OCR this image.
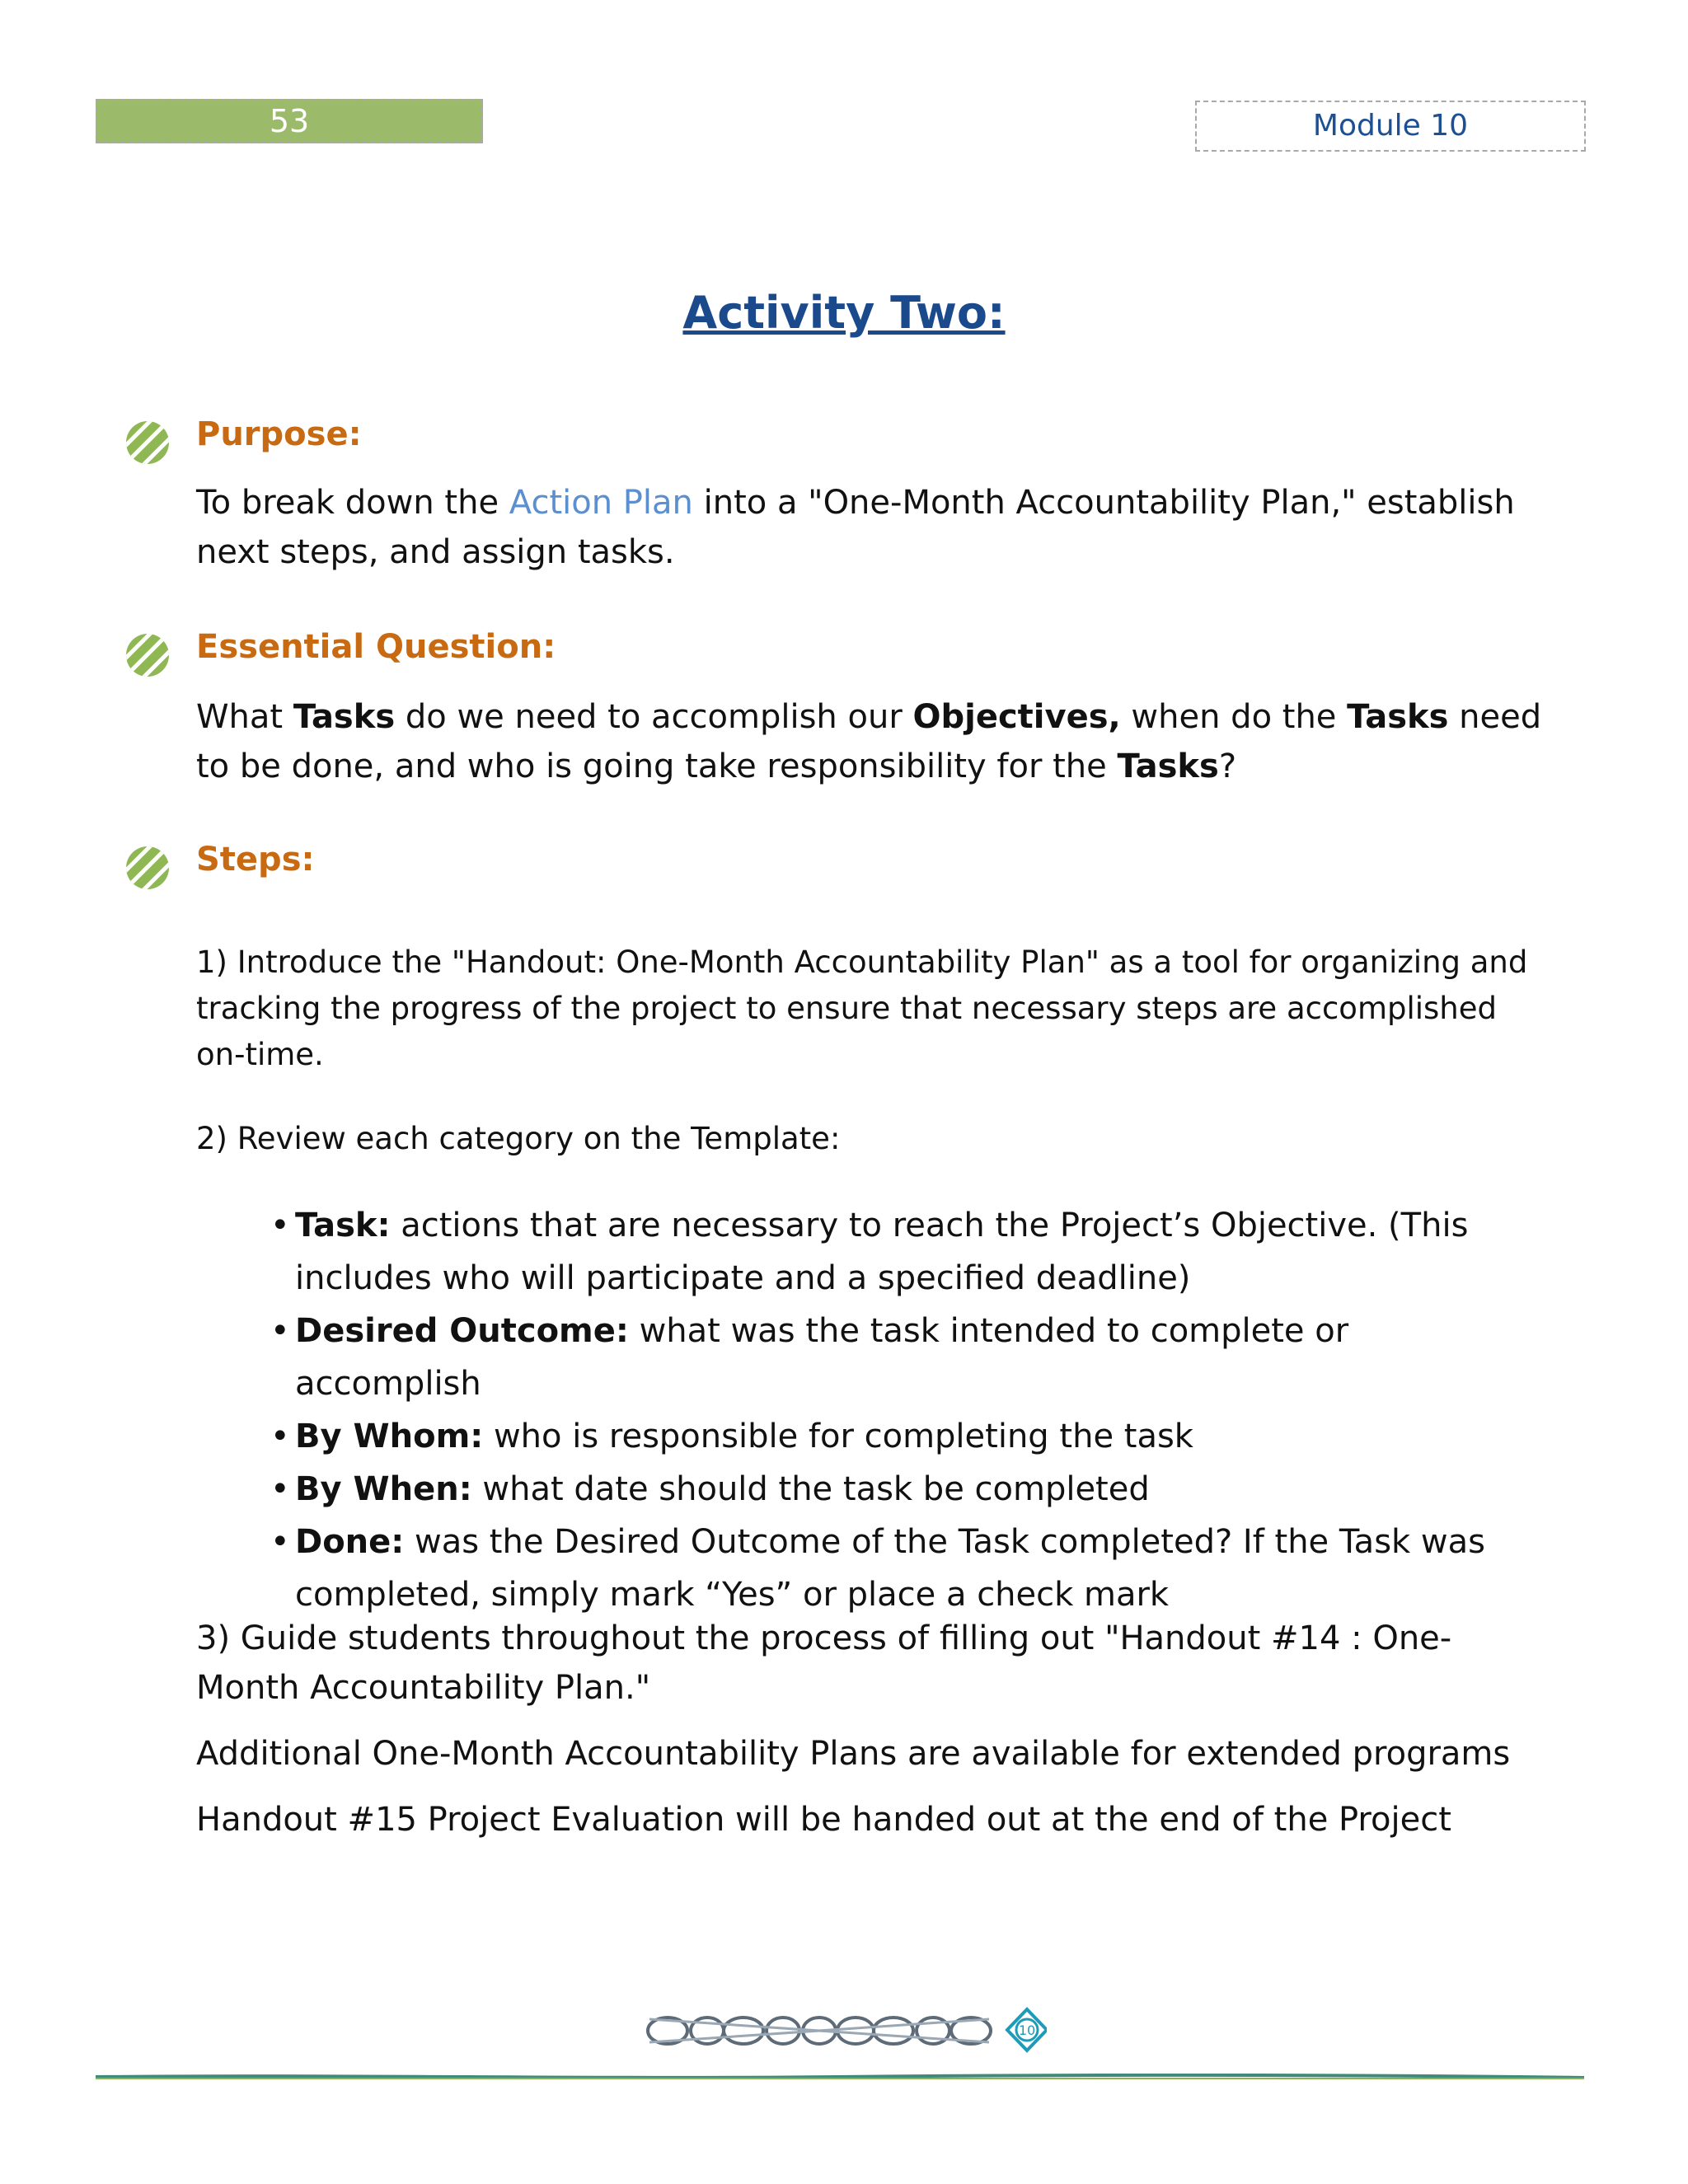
53	Module 10
Activity Two:
Purpose:
To break down the Action Plan into a "One-Month Accountability Plan," establish next steps, and assign tasks.
Essential Question:
What Tasks do we need to accomplish our Objectives, when do the Tasks need to be done, and who is going take responsibility for the Tasks?
Steps:
1) Introduce the "Handout: One-Month Accountability Plan" as a tool for organizing and tracking the progress of the project to ensure that necessary steps are accomplished on-time.
2) Review each category on the Template:
• Task: actions that are necessary to reach the Project’s Objective. (This includes who will participate and a specified deadline)
• Desired Outcome: what was the task intended to complete or accomplish
• By Whom: who is responsible for completing the task
• By When: what date should the task be completed
• Done: was the Desired Outcome of the Task completed? If the Task was completed, simply mark “Yes” or place a check mark
3) Guide students throughout the process of filling out "Handout #14 : One-Month Accountability Plan."
Additional One-Month Accountability Plans are available for extended programs
Handout #15 Project Evaluation will be handed out at the end of the Project
10
